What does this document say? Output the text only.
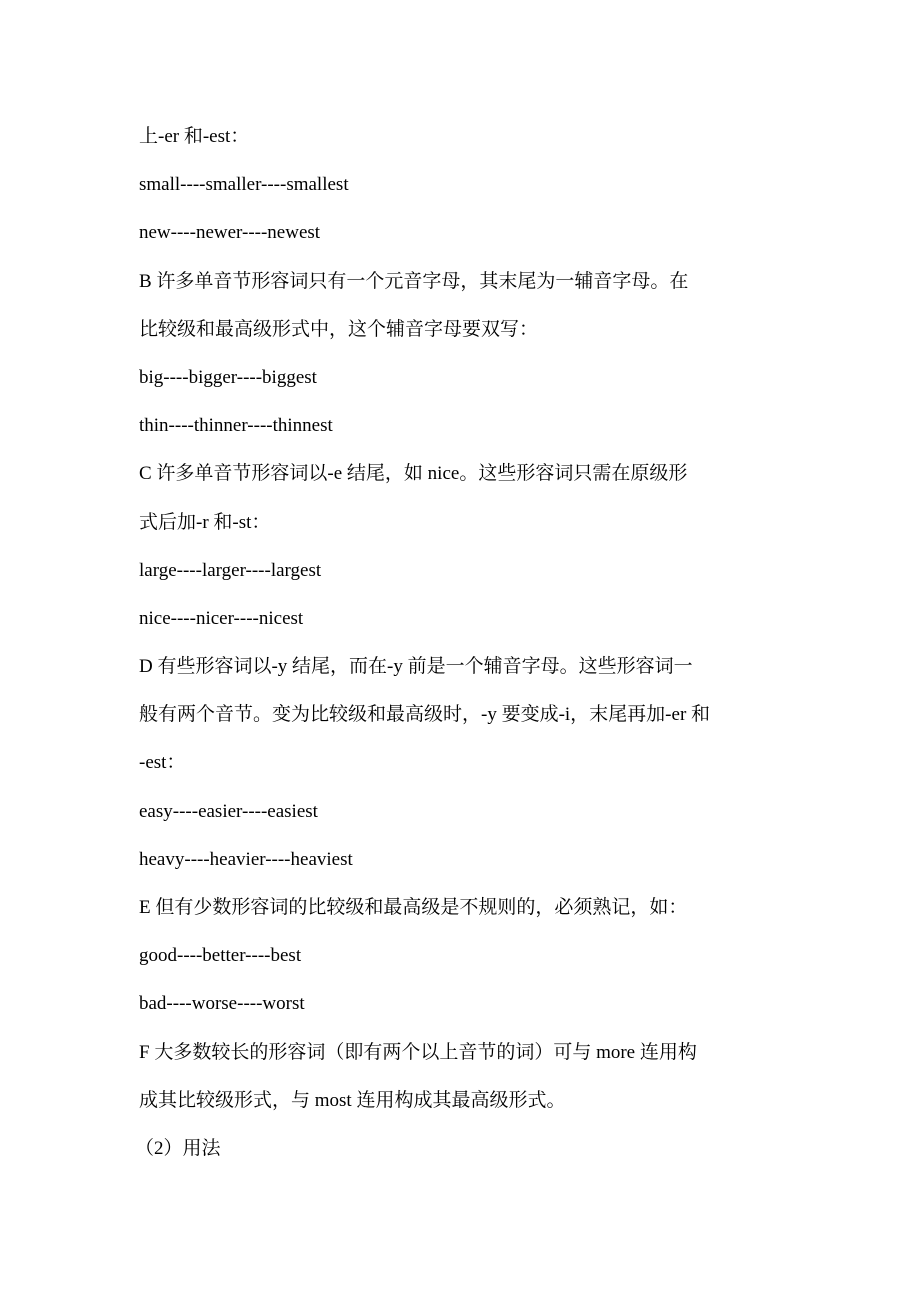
上-er 和-est：
small----smaller----smallest
new----newer----newest
B 许多单音节形容词只有一个元音字母，其末尾为一辅音字母。在
比较级和最高级形式中，这个辅音字母要双写：
big----bigger----biggest
thin----thinner----thinnest
C 许多单音节形容词以-e 结尾，如 nice。这些形容词只需在原级形
式后加-r 和-st：
large----larger----largest
nice----nicer----nicest
D 有些形容词以-y 结尾，而在-y 前是一个辅音字母。这些形容词一
般有两个音节。变为比较级和最高级时，-y 要变成-i，末尾再加-er 和
-est：
easy----easier----easiest
heavy----heavier----heaviest
E 但有少数形容词的比较级和最高级是不规则的，必须熟记，如：
good----better----best
bad----worse----worst
F 大多数较长的形容词（即有两个以上音节的词）可与 more 连用构
成其比较级形式，与 most 连用构成其最高级形式。
（2）用法
